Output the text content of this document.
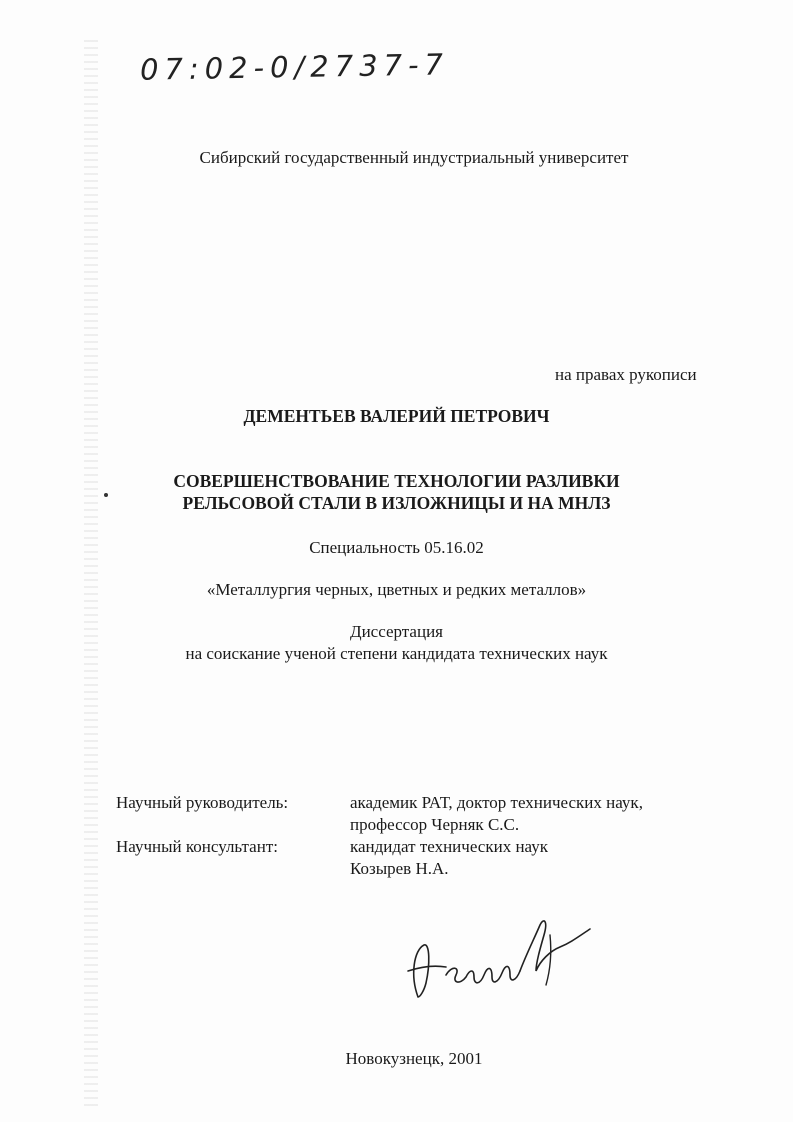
07:02-0/2737-7
Сибирский государственный индустриальный университет
на правах рукописи
ДЕМЕНТЬЕВ ВАЛЕРИЙ ПЕТРОВИЧ
СОВЕРШЕНСТВОВАНИЕ ТЕХНОЛОГИИ РАЗЛИВКИ
РЕЛЬСОВОЙ СТАЛИ В ИЗЛОЖНИЦЫ И НА МНЛЗ
Специальность 05.16.02
«Металлургия черных, цветных и редких металлов»
Диссертация
на соискание ученой степени кандидата технических наук
Научный руководитель:	академик РАТ, доктор технических наук,
профессор Черняк С.С.
Научный консультант:	кандидат технических наук
Козырев Н.А.
Новокузнецк, 2001
